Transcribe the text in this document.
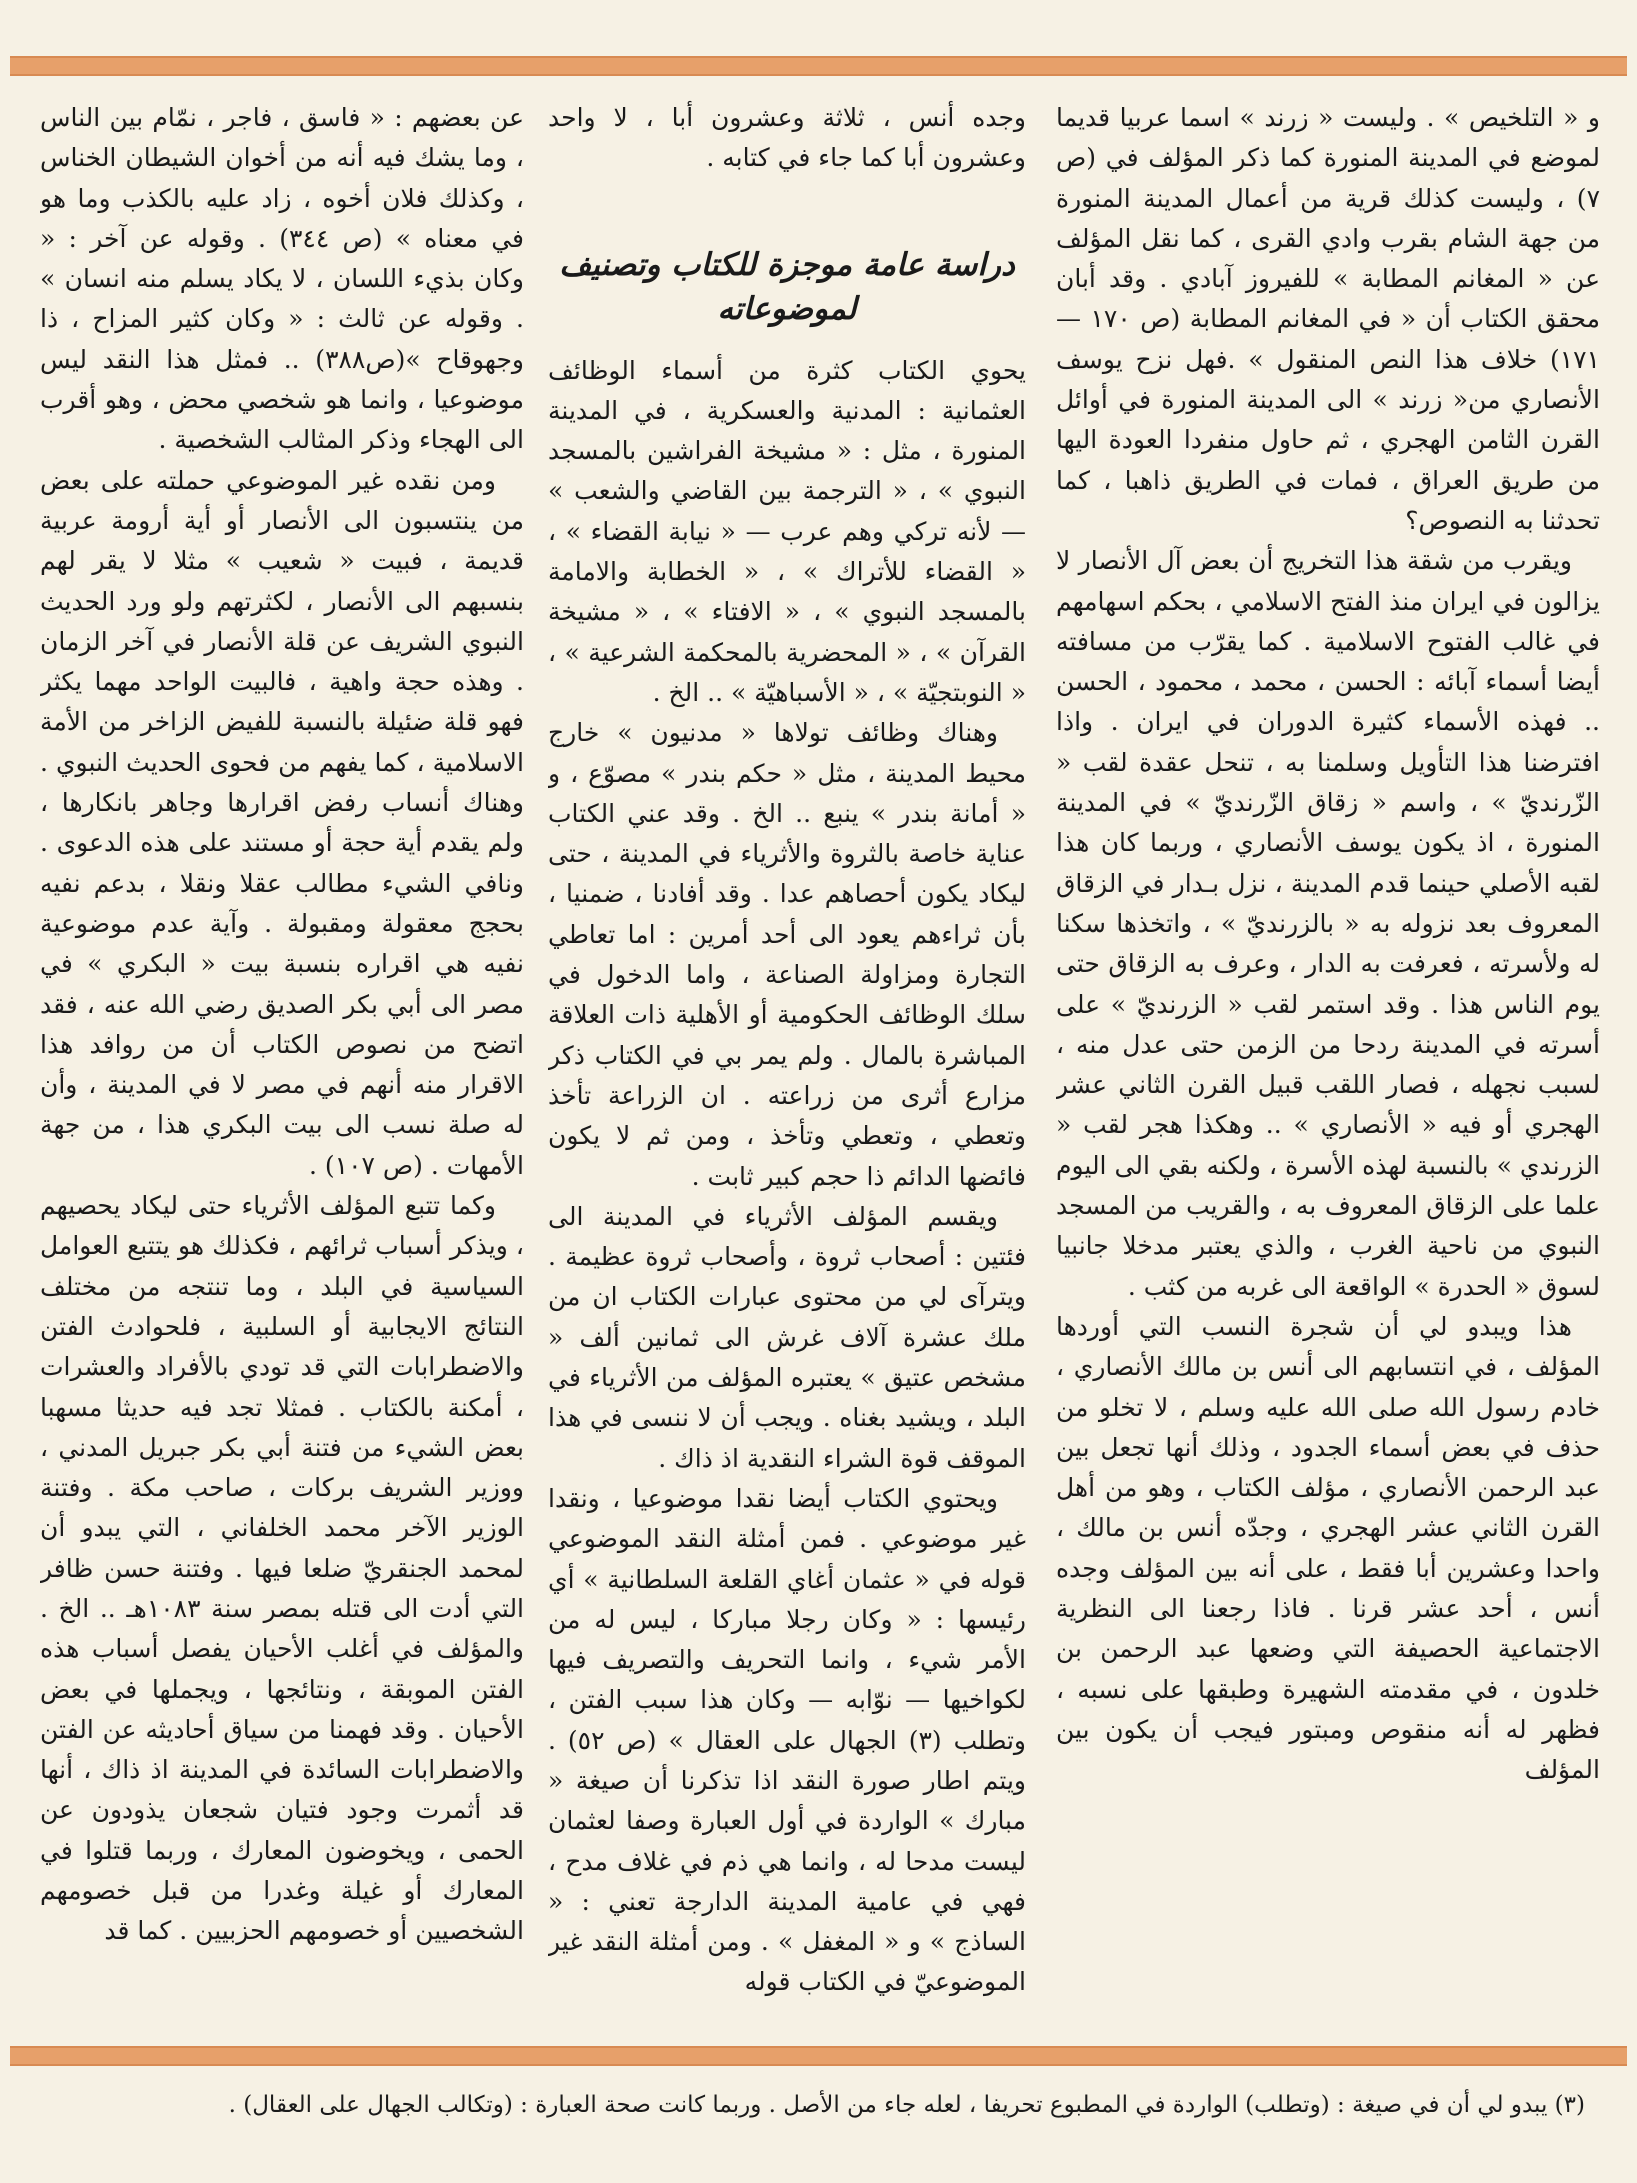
و « التلخيص » . وليست « زرند » اسما عربيا قديما لموضع في المدينة المنورة كما ذكر المؤلف في (ص ٧) ، وليست كذلك قرية من أعمال المدينة المنورة من جهة الشام بقرب وادي القرى ، كما نقل المؤلف عن « المغانم المطابة » للفيروز آبادي . وقد أبان محقق الكتاب أن « في المغانم المطابة (ص ١٧٠ — ١٧١) خلاف هذا النص المنقول » .فهل نزح يوسف الأنصاري من« زرند » الى المدينة المنورة في أوائل القرن الثامن الهجري ، ثم حاول منفردا العودة اليها من طريق العراق ، فمات في الطريق ذاهبا ، كما تحدثنا به النصوص؟

ويقرب من شقة هذا التخريج أن بعض آل الأنصار لا يزالون في ايران منذ الفتح الاسلامي ، بحكم اسهامهم في غالب الفتوح الاسلامية . كما يقرّب من مسافته أيضا أسماء آبائه : الحسن ، محمد ، محمود ، الحسن .. فهذه الأسماء كثيرة الدوران في ايران . واذا افترضنا هذا التأويل وسلمنا به ، تنحل عقدة لقب « الزّرنديّ » ، واسم « زقاق الزّرنديّ » في المدينة المنورة ، اذ يكون يوسف الأنصاري ، وربما كان هذا لقبه الأصلي حينما قدم المدينة ، نزل بـدار في الزقاق المعروف بعد نزوله به « بالزرنديّ » ، واتخذها سكنا له ولأسرته ، فعرفت به الدار ، وعرف به الزقاق حتى يوم الناس هذا . وقد استمر لقب « الزرنديّ » على أسرته في المدينة ردحا من الزمن حتى عدل منه ، لسبب نجهله ، فصار اللقب قبيل القرن الثاني عشر الهجري أو فيه « الأنصاري » .. وهكذا هجر لقب « الزرندي » بالنسبة لهذه الأسرة ، ولكنه بقي الى اليوم علما على الزقاق المعروف به ، والقريب من المسجد النبوي من ناحية الغرب ، والذي يعتبر مدخلا جانبيا لسوق « الحدرة » الواقعة الى غربه من كثب .

هذا ويبدو لي أن شجرة النسب التي أوردها المؤلف ، في انتسابهم الى أنس بن مالك الأنصاري ، خادم رسول الله صلى الله عليه وسلم ، لا تخلو من حذف في بعض أسماء الجدود ، وذلك أنها تجعل بين عبد الرحمن الأنصاري ، مؤلف الكتاب ، وهو من أهل القرن الثاني عشر الهجري ، وجدّه أنس بن مالك ، واحدا وعشرين أبا فقط ، على أنه بين المؤلف وجده أنس ، أحد عشر قرنا . فاذا رجعنا الى النظرية الاجتماعية الحصيفة التي وضعها عبد الرحمن بن خلدون ، في مقدمته الشهيرة وطبقها على نسبه ، فظهر له أنه منقوص ومبتور فيجب أن يكون بين المؤلف

وجده أنس ، ثلاثة وعشرون أبا ، لا واحد وعشرون أبا كما جاء في كتابه .

دراسة عامة موجزة للكتاب وتصنيف لموضوعاته

يحوي الكتاب كثرة من أسماء الوظائف العثمانية : المدنية والعسكرية ، في المدينة المنورة ، مثل : « مشيخة الفراشين بالمسجد النبوي » ، « الترجمة بين القاضي والشعب » — لأنه تركي وهم عرب — « نيابة القضاء » ، « القضاء للأتراك » ، « الخطابة والامامة بالمسجد النبوي » ، « الافتاء » ، « مشيخة القرآن » ، « المحضرية بالمحكمة الشرعية » ، « النوبتجيّة » ، « الأسباهيّة » .. الخ .

وهناك وظائف تولاها « مدنيون » خارج محيط المدينة ، مثل « حكم بندر » مصوّع ، و « أمانة بندر » ينبع .. الخ . وقد عني الكتاب عناية خاصة بالثروة والأثرياء في المدينة ، حتى ليكاد يكون أحصاهم عدا . وقد أفادنا ، ضمنيا ، بأن ثراءهم يعود الى أحد أمرين : اما تعاطي التجارة ومزاولة الصناعة ، واما الدخول في سلك الوظائف الحكومية أو الأهلية ذات العلاقة المباشرة بالمال . ولم يمر بي في الكتاب ذكر مزارع أثرى من زراعته . ان الزراعة تأخذ وتعطي ، وتعطي وتأخذ ، ومن ثم لا يكون فائضها الدائم ذا حجم كبير ثابت .

ويقسم المؤلف الأثرياء في المدينة الى فئتين : أصحاب ثروة ، وأصحاب ثروة عظيمة . ويترآى لي من محتوى عبارات الكتاب ان من ملك عشرة آلاف غرش الى ثمانين ألف « مشخص عتيق » يعتبره المؤلف من الأثرياء في البلد ، ويشيد بغناه . ويجب أن لا ننسى في هذا الموقف قوة الشراء النقدية اذ ذاك .

ويحتوي الكتاب أيضا نقدا موضوعيا ، ونقدا غير موضوعي . فمن أمثلة النقد الموضوعي قوله في « عثمان أغاي القلعة السلطانية » أي رئيسها : « وكان رجلا مباركا ، ليس له من الأمر شيء ، وانما التحريف والتصريف فيها لكواخيها — نوّابه — وكان هذا سبب الفتن ، وتطلب (٣) الجهال على العقال » (ص ٥٢) . ويتم اطار صورة النقد اذا تذكرنا أن صيغة « مبارك » الواردة في أول العبارة وصفا لعثمان ليست مدحا له ، وانما هي ذم في غلاف مدح ، فهي في عامية المدينة الدارجة تعني : « الساذج » و « المغفل » . ومن أمثلة النقد غير الموضوعيّ في الكتاب قوله

عن بعضهم : « فاسق ، فاجر ، نمّام بين الناس ، وما يشك فيه أنه من أخوان الشيطان الخناس ، وكذلك فلان أخوه ، زاد عليه بالكذب وما هو في معناه » (ص ٣٤٤) . وقوله عن آخر : « وكان بذيء اللسان ، لا يكاد يسلم منه انسان » . وقوله عن ثالث : « وكان كثير المزاح ، ذا وجهوقاح »(ص٣٨٨) .. فمثل هذا النقد ليس موضوعيا ، وانما هو شخصي محض ، وهو أقرب الى الهجاء وذكر المثالب الشخصية .

ومن نقده غير الموضوعي حملته على بعض من ينتسبون الى الأنصار أو أية أرومة عربية قديمة ، فبيت « شعيب » مثلا لا يقر لهم بنسبهم الى الأنصار ، لكثرتهم ولو ورد الحديث النبوي الشريف عن قلة الأنصار في آخر الزمان . وهذه حجة واهية ، فالبيت الواحد مهما يكثر فهو قلة ضئيلة بالنسبة للفيض الزاخر من الأمة الاسلامية ، كما يفهم من فحوى الحديث النبوي . وهناك أنساب رفض اقرارها وجاهر بانكارها ، ولم يقدم أية حجة أو مستند على هذه الدعوى . ونافي الشيء مطالب عقلا ونقلا ، بدعم نفيه بحجج معقولة ومقبولة . وآية عدم موضوعية نفيه هي اقراره بنسبة بيت « البكري » في مصر الى أبي بكر الصديق رضي الله عنه ، فقد اتضح من نصوص الكتاب أن من روافد هذا الاقرار منه أنهم في مصر لا في المدينة ، وأن له صلة نسب الى بيت البكري هذا ، من جهة الأمهات . (ص ١٠٧) .

وكما تتبع المؤلف الأثرياء حتى ليكاد يحصيهم ، ويذكر أسباب ثرائهم ، فكذلك هو يتتبع العوامل السياسية في البلد ، وما تنتجه من مختلف النتائج الايجابية أو السلبية ، فلحوادث الفتن والاضطرابات التي قد تودي بالأفراد والعشرات ، أمكنة بالكتاب . فمثلا تجد فيه حديثا مسهبا بعض الشيء من فتنة أبي بكر جبريل المدني ، ووزير الشريف بركات ، صاحب مكة . وفتنة الوزير الآخر محمد الخلفاني ، التي يبدو أن لمحمد الجنقريّ ضلعا فيها . وفتنة حسن ظافر التي أدت الى قتله بمصر سنة ١٠٨٣هـ .. الخ . والمؤلف في أغلب الأحيان يفصل أسباب هذه الفتن الموبقة ، ونتائجها ، ويجملها في بعض الأحيان . وقد فهمنا من سياق أحاديثه عن الفتن والاضطرابات السائدة في المدينة اذ ذاك ، أنها قد أثمرت وجود فتيان شجعان يذودون عن الحمى ، ويخوضون المعارك ، وربما قتلوا في المعارك أو غيلة وغدرا من قبل خصومهم الشخصيين أو خصومهم الحزبيين . كما قد

(٣) يبدو لي أن في صيغة : (وتطلب) الواردة في المطبوع تحريفا ، لعله جاء من الأصل . وربما كانت صحة العبارة : (وتكالب الجهال على العقال) .
